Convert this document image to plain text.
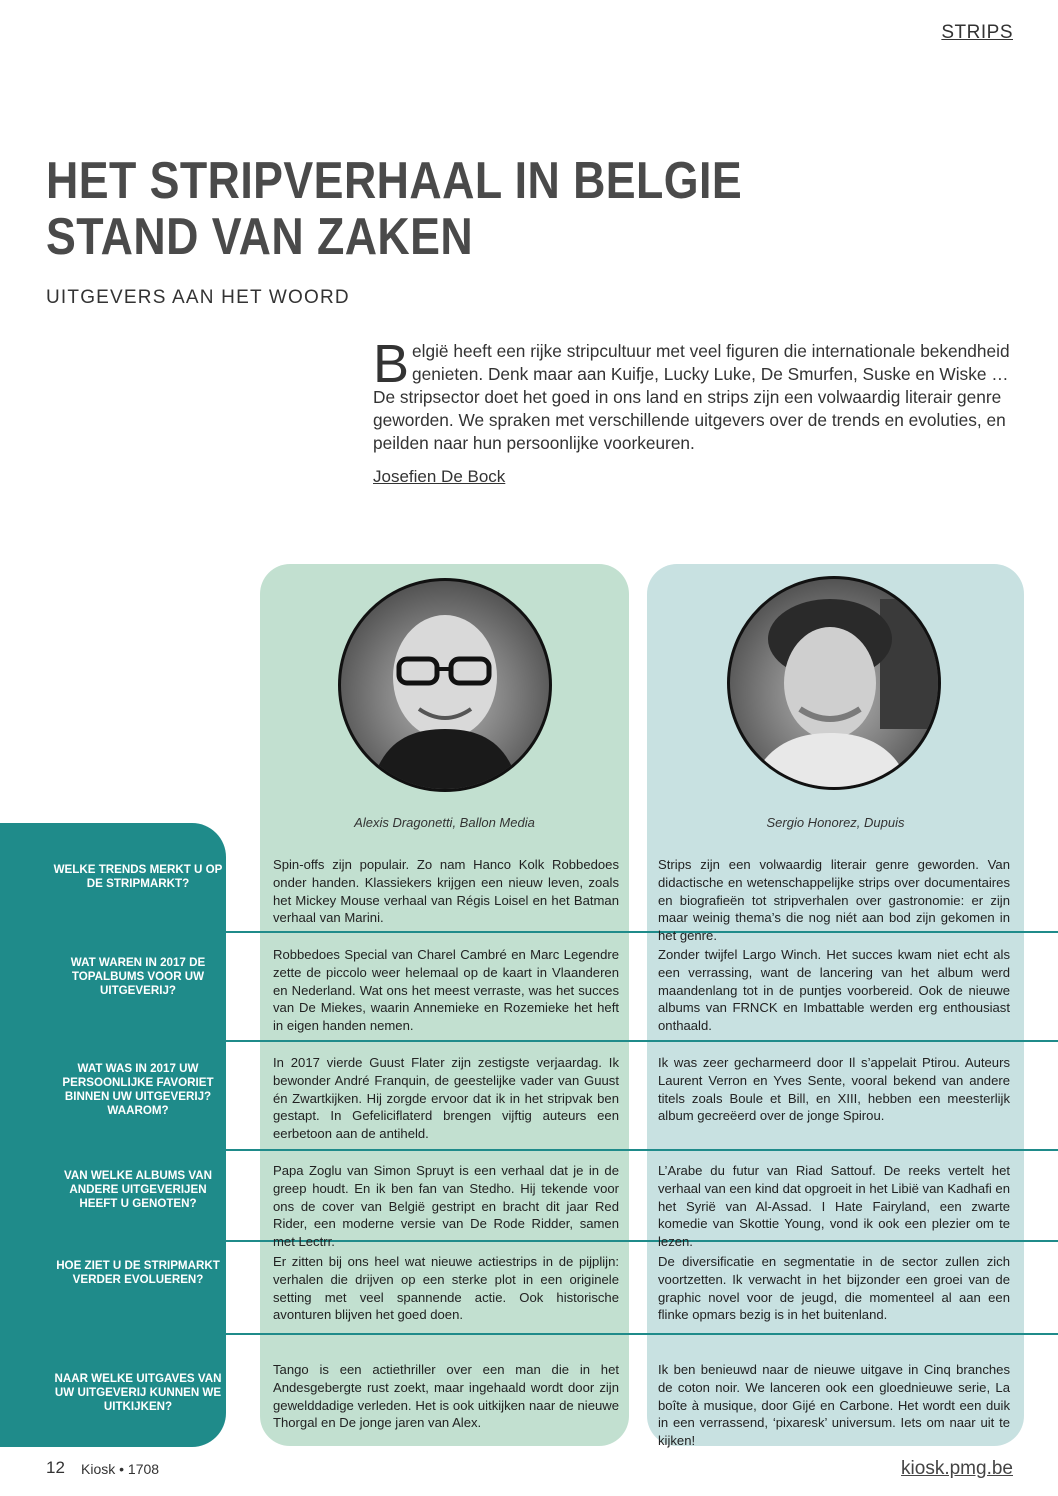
STRIPS
HET STRIPVERHAAL IN BELGIE
STAND VAN ZAKEN
UITGEVERS AAN HET WOORD
België heeft een rijke stripcultuur met veel figuren die internationale bekendheid genieten. Denk maar aan Kuifje, Lucky Luke, De Smurfen, Suske en Wiske … De stripsector doet het goed in ons land en strips zijn een volwaardig literair genre geworden. We spraken met verschillende uitgevers over de trends en evoluties, en peilden naar hun persoonlijke voorkeuren.
Josefien De Bock
Alexis Dragonetti, Ballon Media	Sergio Honorez, Dupuis
WELKE TRENDS MERKT U OP DE STRIPMARKT?
WAT WAREN IN 2017 DE TOPALBUMS VOOR UW UITGEVERIJ?
WAT WAS IN 2017 UW PERSOONLIJKE FAVORIET BINNEN UW UITGEVERIJ? WAAROM?
VAN WELKE ALBUMS VAN ANDERE UITGEVERIJEN HEEFT U GENOTEN?
HOE ZIET U DE STRIPMARKT VERDER EVOLUEREN?
NAAR WELKE UITGAVES VAN UW UITGEVERIJ KUNNEN WE UITKIJKEN?
Spin-offs zijn populair. Zo nam Hanco Kolk Robbedoes onder handen. Klassiekers krijgen een nieuw leven, zoals het Mickey Mouse verhaal van Régis Loisel en het Batman verhaal van Marini.
Robbedoes Special van Charel Cambré en Marc Legendre zette de piccolo weer helemaal op de kaart in Vlaanderen en Nederland. Wat ons het meest verraste, was het succes van De Miekes, waarin Annemieke en Rozemieke het heft in eigen handen nemen.
In 2017 vierde Guust Flater zijn zestigste verjaardag. Ik bewonder André Franquin, de geestelijke vader van Guust én Zwartkijken. Hij zorgde ervoor dat ik in het stripvak ben gestapt. In Gefeliciflaterd brengen vijftig auteurs een eerbetoon aan de antiheld.
Papa Zoglu van Simon Spruyt is een verhaal dat je in de greep houdt. En ik ben fan van Stedho. Hij tekende voor ons de cover van België gestript en bracht dit jaar Red Rider, een moderne versie van De Rode Ridder, samen met Lectrr.
Er zitten bij ons heel wat nieuwe actiestrips in de pijplijn: verhalen die drijven op een sterke plot in een originele setting met veel spannende actie. Ook historische avonturen blijven het goed doen.
Tango is een actiethriller over een man die in het Andesgebergte rust zoekt, maar ingehaald wordt door zijn gewelddadige verleden. Het is ook uitkijken naar de nieuwe Thorgal en De jonge jaren van Alex.
Strips zijn een volwaardig literair genre geworden. Van didactische en wetenschappelijke strips over documentaires en biografieën tot stripverhalen over gastronomie: er zijn maar weinig thema’s die nog niét aan bod zijn gekomen in het genre.
Zonder twijfel Largo Winch. Het succes kwam niet echt als een verrassing, want de lancering van het album werd maandenlang tot in de puntjes voorbereid. Ook de nieuwe albums van FRNCK en Imbattable werden erg enthousiast onthaald.
Ik was zeer gecharmeerd door Il s’appelait Ptirou. Auteurs Laurent Verron en Yves Sente, vooral bekend van andere titels zoals Boule et Bill, en XIII, hebben een meesterlijk album gecreëerd over de jonge Spirou.
L’Arabe du futur van Riad Sattouf. De reeks vertelt het verhaal van een kind dat opgroeit in het Libië van Kadhafi en het Syrië van Al-Assad. I Hate Fairyland, een zwarte komedie van Skottie Young, vond ik ook een plezier om te lezen.
De diversificatie en segmentatie in de sector zullen zich voortzetten. Ik verwacht in het bijzonder een groei van de graphic novel voor de jeugd, die momenteel al aan een flinke opmars bezig is in het buitenland.
Ik ben benieuwd naar de nieuwe uitgave in Cinq branches de coton noir. We lanceren ook een gloednieuwe serie, La boîte à musique, door Gijé en Carbone. Het wordt een duik in een verrassend, ‘pixaresk’ universum. Iets om naar uit te kijken!
12 Kiosk • 1708	kiosk.pmg.be
